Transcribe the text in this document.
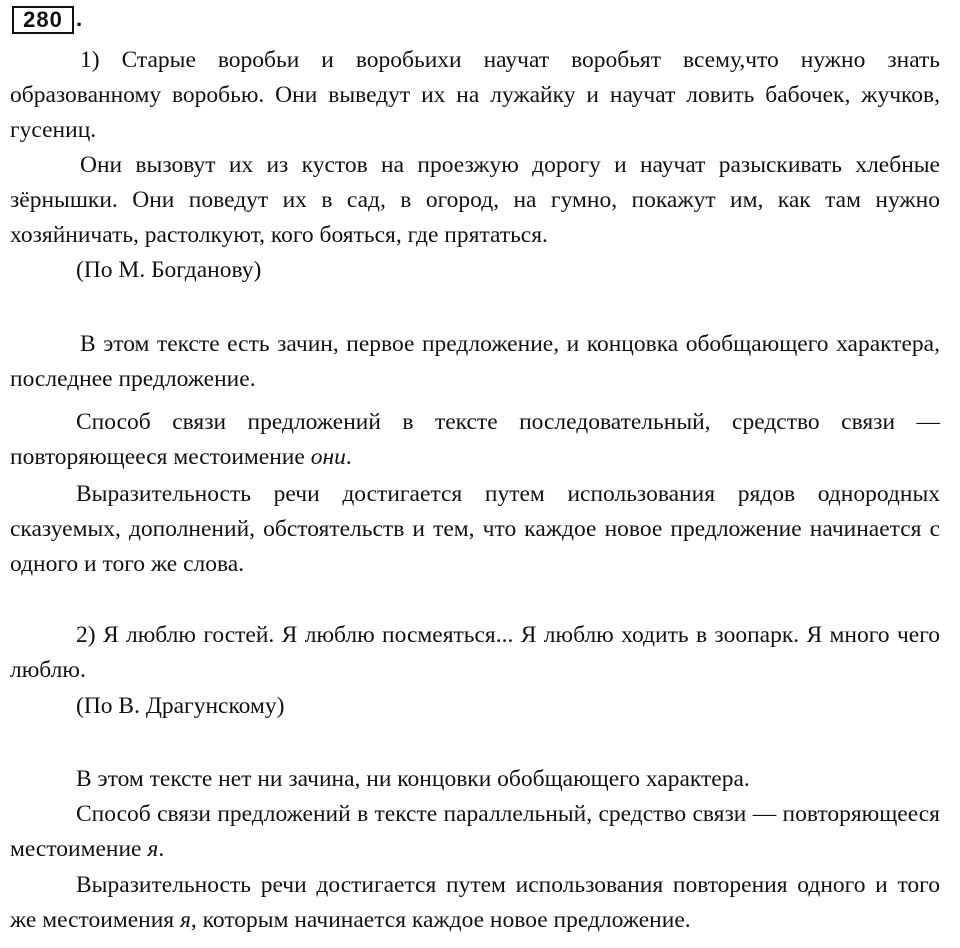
280 .

1) Старые воробьи и воробьихи научат воробьят всему,что нужно знать образованному воробью. Они выведут их на лужайку и научат ловить бабочек, жучков, гусениц.

Они вызовут их из кустов на проезжую дорогу и научат разыскивать хлебные зёрнышки. Они поведут их в сад, в огород, на гумно, покажут им, как там нужно хозяйничать, растолкуют, кого бояться, где прятаться.

(По М. Богданову)

В этом тексте есть зачин, первое предложение, и концовка обобщающего характера, последнее предложение.

Способ связи предложений в тексте последовательный, средство связи — повторяющееся местоимение они.

Выразительность речи достигается путем использования рядов однородных сказуемых, дополнений, обстоятельств и тем, что каждое новое предложение начинается с одного и того же слова.

2) Я люблю гостей. Я люблю посмеяться... Я люблю ходить в зоопарк. Я много чего люблю.

(По В. Драгунскому)

В этом тексте нет ни зачина, ни концовки обобщающего характера.

Способ связи предложений в тексте параллельный, средство связи — повторяющееся местоимение я.

Выразительность речи достигается путем использования повторения одного и того же местоимения я, которым начинается каждое новое предложение.
